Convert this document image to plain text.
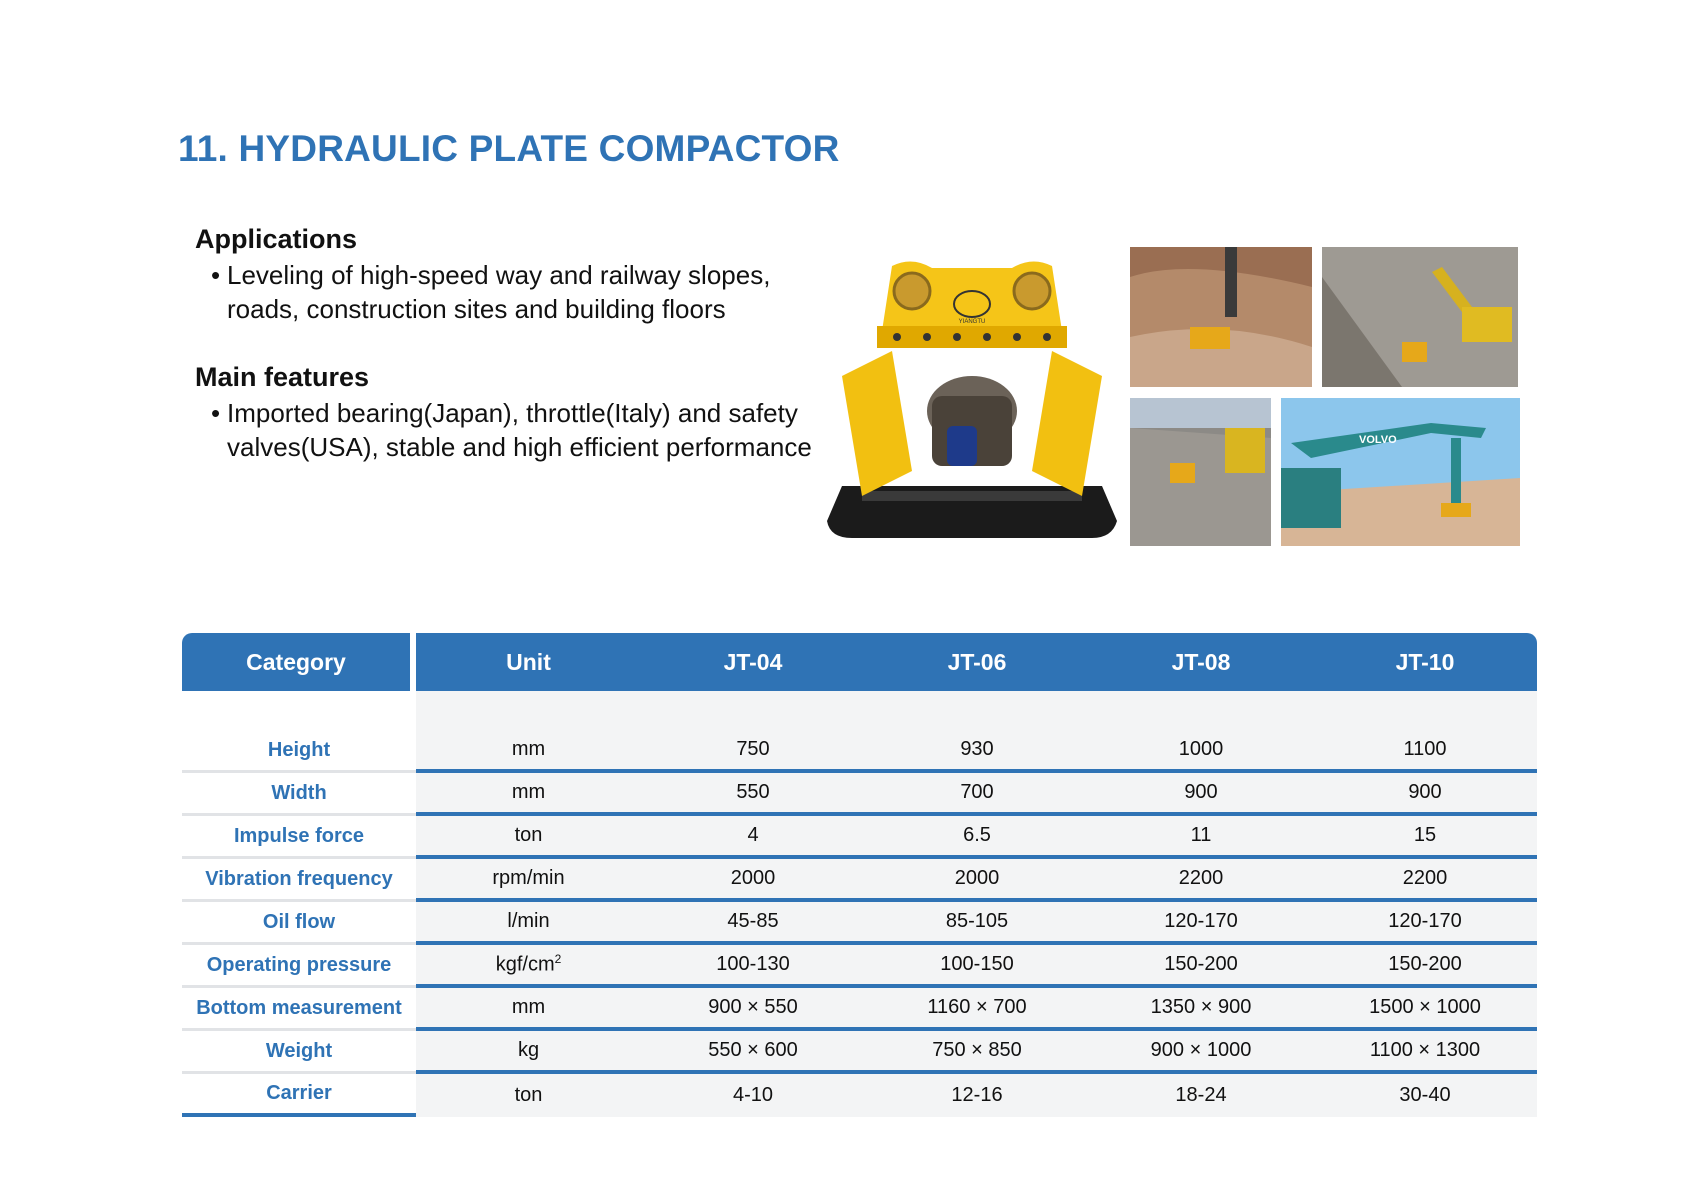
11. HYDRAULIC PLATE COMPACTOR
Applications
• Leveling of high-speed way and railway slopes, roads, construction sites and building floors
Main features
• Imported bearing(Japan), throttle(Italy) and safety valves(USA), stable and high efficient performance
YIANGTU
VOLVO
Category	Unit	JT-04	JT-06	JT-08	JT-10

Height	mm	750	930	1000	1100
Width	mm	550	700	900	900
Impulse force	ton	4	6.5	11	15
Vibration frequency	rpm/min	2000	2000	2200	2200
Oil flow	l/min	45-85	85-105	120-170	120-170
Operating pressure	kgf/$cm^2$	100-130	100-150	150-200	150-200
Bottom measurement	mm	900 × 550	1160 × 700	1350 × 900	1500 × 1000
Weight	kg	550 × 600	750 × 850	900 × 1000	1100 × 1300
Carrier	ton	4-10	12-16	18-24	30-40
